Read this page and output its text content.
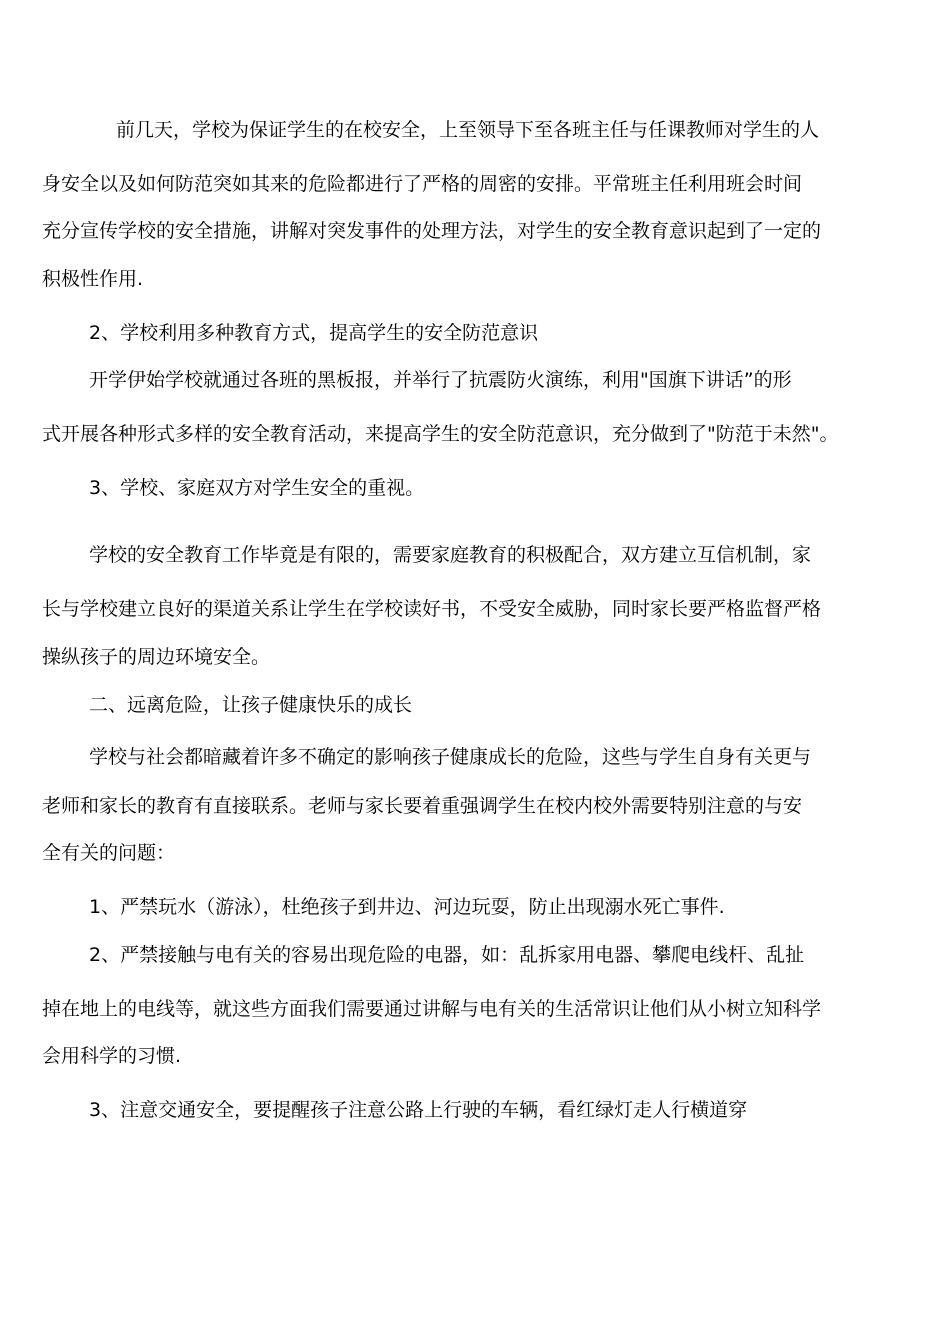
前几天，学校为保证学生的在校安全，上至领导下至各班主任与任课教师对学生的人
身安全以及如何防范突如其来的危险都进行了严格的周密的安排。平常班主任利用班会时间
充分宣传学校的安全措施，讲解对突发事件的处理方法，对学生的安全教育意识起到了一定的
积极性作用.
2、学校利用多种教育方式，提高学生的安全防范意识
开学伊始学校就通过各班的黑板报，并举行了抗震防火演练，利用"国旗下讲话”的形
式开展各种形式多样的安全教育活动，来提高学生的安全防范意识，充分做到了"防范于未然"。
3、学校、家庭双方对学生安全的重视。
学校的安全教育工作毕竟是有限的，需要家庭教育的积极配合，双方建立互信机制，家
长与学校建立良好的渠道关系让学生在学校读好书，不受安全威胁，同时家长要严格监督严格
操纵孩子的周边环境安全。
二、远离危险，让孩子健康快乐的成长
学校与社会都暗藏着许多不确定的影响孩子健康成长的危险，这些与学生自身有关更与
老师和家长的教育有直接联系。老师与家长要着重强调学生在校内校外需要特别注意的与安
全有关的问题：
1、严禁玩水（游泳），杜绝孩子到井边、河边玩耍，防止出现溺水死亡事件.
2、严禁接触与电有关的容易出现危险的电器，如：乱拆家用电器、攀爬电线杆、乱扯
掉在地上的电线等，就这些方面我们需要通过讲解与电有关的生活常识让他们从小树立知科学
会用科学的习惯.
3、注意交通安全，要提醒孩子注意公路上行驶的车辆，看红绿灯走人行横道穿
